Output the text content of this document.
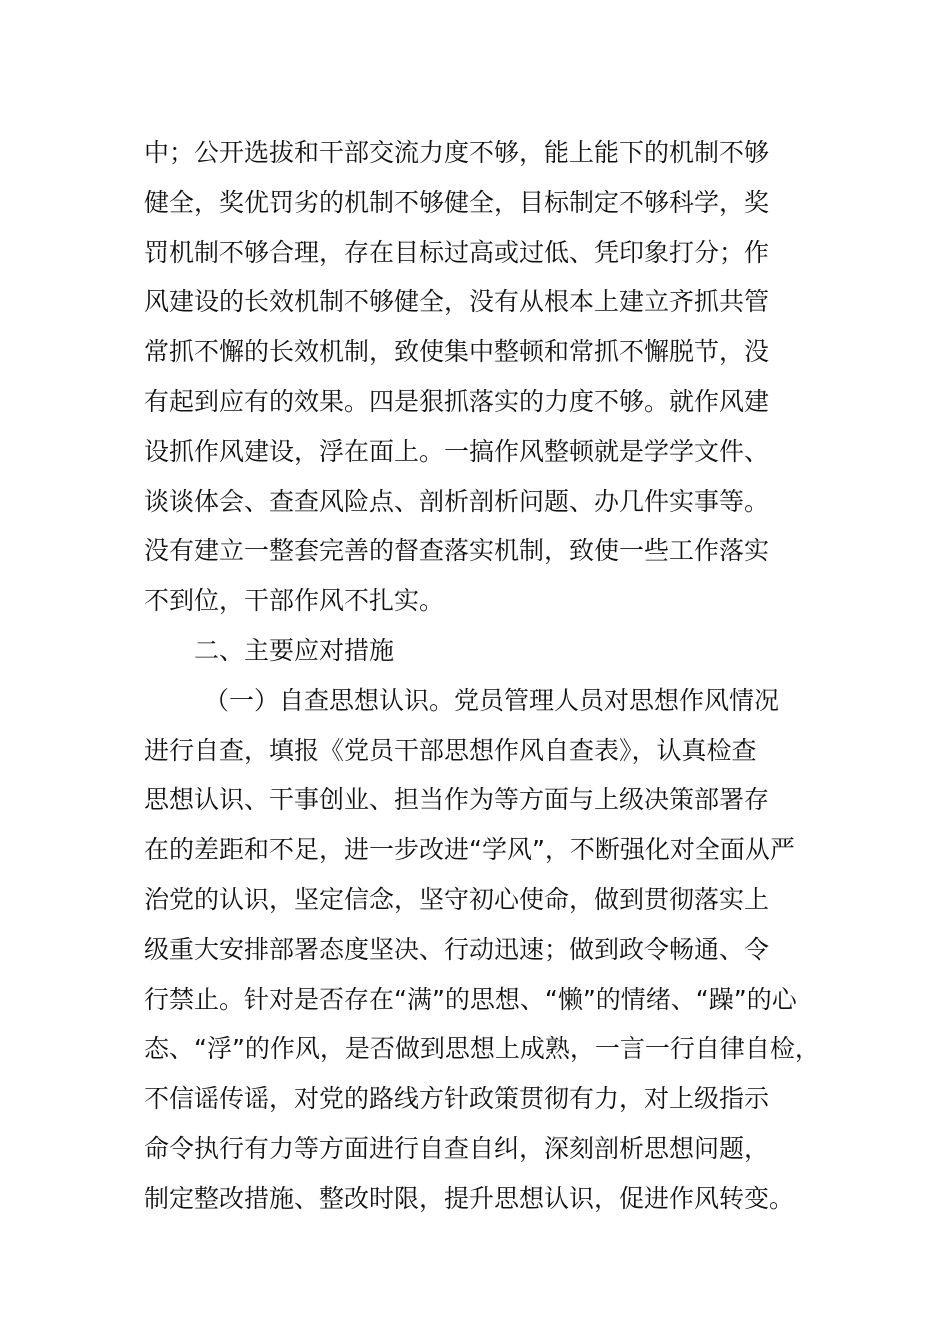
中；公开选拔和干部交流力度不够，能上能下的机制不够
健全，奖优罚劣的机制不够健全，目标制定不够科学，奖
罚机制不够合理，存在目标过高或过低、凭印象打分；作
风建设的长效机制不够健全，没有从根本上建立齐抓共管
常抓不懈的长效机制，致使集中整顿和常抓不懈脱节，没
有起到应有的效果。四是狠抓落实的力度不够。就作风建
设抓作风建设，浮在面上。一搞作风整顿就是学学文件、
谈谈体会、查查风险点、剖析剖析问题、办几件实事等。
没有建立一整套完善的督查落实机制，致使一些工作落实
不到位，干部作风不扎实。
二、主要应对措施
（一）自查思想认识。党员管理人员对思想作风情况
进行自查，填报《党员干部思想作风自查表》，认真检查
思想认识、干事创业、担当作为等方面与上级决策部署存
在的差距和不足，进一步改进“学风”，不断强化对全面从严
治党的认识，坚定信念，坚守初心使命，做到贯彻落实上
级重大安排部署态度坚决、行动迅速；做到政令畅通、令
行禁止。针对是否存在“满”的思想、“懒”的情绪、“躁”的心
态、“浮”的作风，是否做到思想上成熟，一言一行自律自检，
不信谣传谣，对党的路线方针政策贯彻有力，对上级指示
命令执行有力等方面进行自查自纠，深刻剖析思想问题，
制定整改措施、整改时限，提升思想认识，促进作风转变。
